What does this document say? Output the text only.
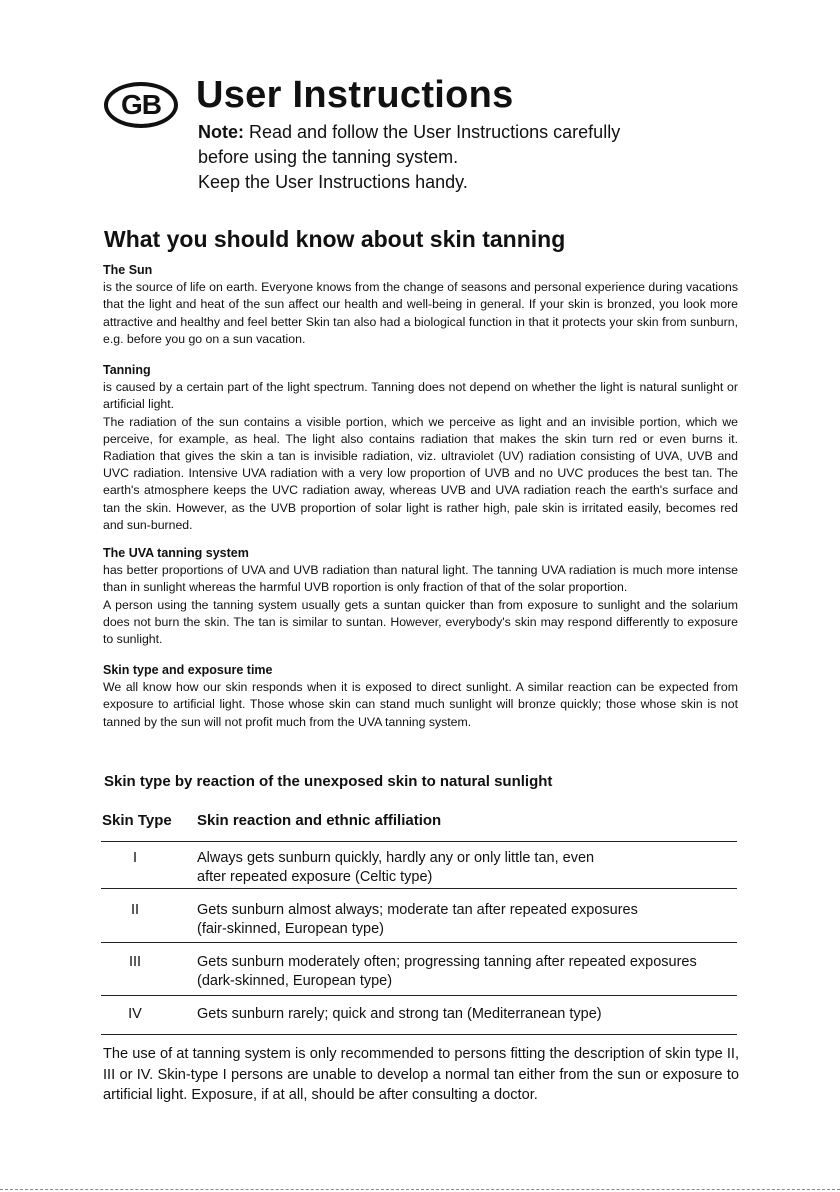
GB User Instructions
Note: Read and follow the User Instructions carefully
before using the tanning system.
Keep the User Instructions handy.
What you should know about skin tanning
The Sun

is the source of life on earth. Everyone knows from the change of seasons and personal experience during vacations that the light and heat of the sun affect our health and well-being in general. If your skin is bronzed, you look more attractive and healthy and feel better Skin tan also had a biological function in that it protects your skin from sunburn, e.g. before you go on a sun vacation.

Tanning

is caused by a certain part of the light spectrum. Tanning does not depend on whether the light is natural sunlight or artificial light.

The radiation of the sun contains a visible portion, which we perceive as light and an invisible portion, which we perceive, for example, as heal. The light also contains radiation that makes the skin turn red or even burns it. Radiation that gives the skin a tan is invisible radiation, viz. ultraviolet (UV) radiation consisting of UVA, UVB and UVC radiation. Intensive UVA radiation with a very low proportion of UVB and no UVC produces the best tan. The earth's atmosphere keeps the UVC radiation away, whereas UVB and UVA radiation reach the earth's surface and tan the skin. However, as the UVB proportion of solar light is rather high, pale skin is irritated easily, becomes red and sun-burned.

The UVA tanning system

has better proportions of UVA and UVB radiation than natural light. The tanning UVA radiation is much more intense than in sunlight whereas the harmful UVB roportion is only fraction of that of the solar proportion.

A person using the tanning system usually gets a suntan quicker than from exposure to sunlight and the solarium does not burn the skin. The tan is similar to suntan. However, everybody's skin may respond differently to exposure to sunlight.

Skin type and exposure time

We all know how our skin responds when it is exposed to direct sunlight. A similar reaction can be expected from exposure to artificial light. Those whose skin can stand much sunlight will bronze quickly; those whose skin is not tanned by the sun will not profit much from the UVA tanning system.

Skin type by reaction of the unexposed skin to natural sunlight
Skin Type Skin reaction and ethnic affiliation
I	Always gets sunburn quickly, hardly any or only little tan, even
after repeated exposure (Celtic type)
II	Gets sunburn almost always; moderate tan after repeated exposures
(fair-skinned, European type)
III	Gets sunburn moderately often; progressing tanning after repeated exposures
(dark-skinned, European type)
IV	Gets sunburn rarely; quick and strong tan (Mediterranean type)
The use of at tanning system is only recommended to persons fitting the description of skin type II, III or IV. Skin-type I persons are unable to develop a normal tan either from the sun or exposure to artificial light. Exposure, if at all, should be after consulting a doctor.
